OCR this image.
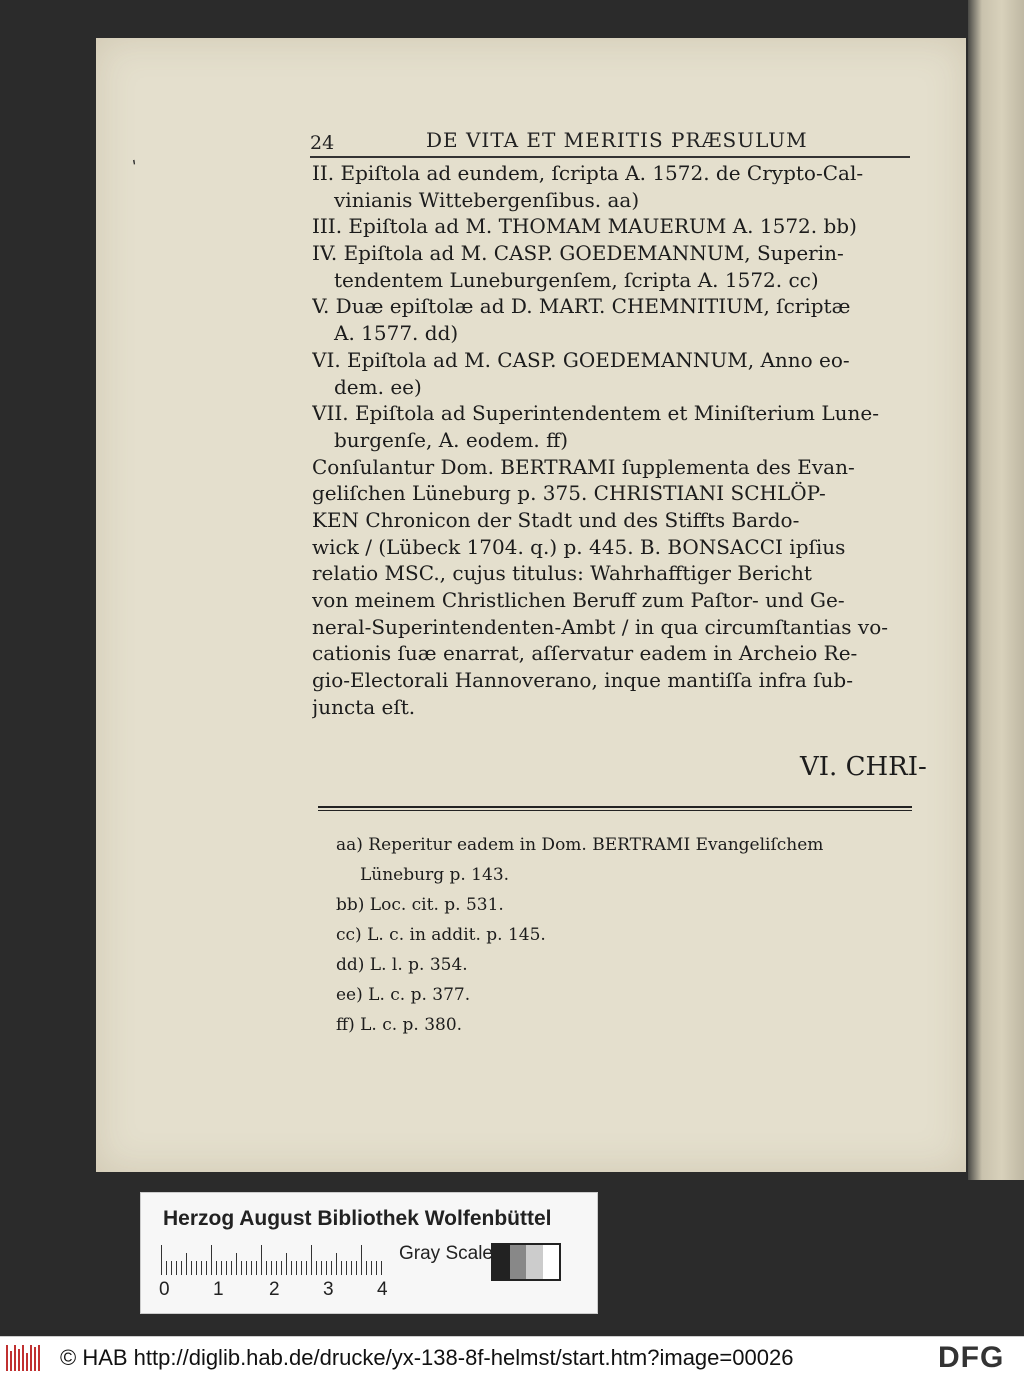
ʹ
24	DE VITA ET MERITIS PRÆSULUM
II. Epiſtola ad eundem, ſcripta A. 1572. de Crypto-Cal-
vinianis Wittebergenſibus. aa)
III. Epiſtola ad M. THOMAM MAUERUM A. 1572. bb)
IV. Epiſtola ad M. CASP. GOEDEMANNUM, Superin-
tendentem Luneburgenſem, ſcripta A. 1572. cc)
V. Duæ epiſtolæ ad D. MART. CHEMNITIUM, ſcriptæ
A. 1577. dd)
VI. Epiſtola ad M. CASP. GOEDEMANNUM, Anno eo-
dem. ee)
VII. Epiſtola ad Superintendentem et Miniſterium Lune-
burgenſe, A. eodem. ff)
Conſulantur Dom. BERTRAMI ſupplementa des Evan-
geliſchen Lüneburg p. 375. CHRISTIANI SCHLÖP-
KEN Chronicon der Stadt und des Stiffts Bardo-
wick / (Lübeck 1704. q.) p. 445. B. BONSACCI ipſius
relatio MSC., cujus titulus: Wahrhafftiger Bericht
von meinem Christlichen Beruff zum Paſtor- und Ge-
neral-Superintendenten-Ambt / in qua circumſtantias vo-
cationis ſuæ enarrat, aſſervatur eadem in Archeio Re-
gio-Electorali Hannoverano, inque mantiſſa infra ſub-
juncta eſt.
VI. CHRI-
aa) Reperitur eadem in Dom. BERTRAMI Evangeliſchem
Lüneburg p. 143.
bb) Loc. cit. p. 531.
cc) L. c. in addit. p. 145.
dd) L. l. p. 354.
ee) L. c. p. 377.
ff) L. c. p. 380.
Herzog August Bibliothek Wolfenbüttel
0 1 2 3 4
Gray Scale
© HAB http://diglib.hab.de/drucke/yx-138-8f-helmst/start.htm?image=00026	DFG
